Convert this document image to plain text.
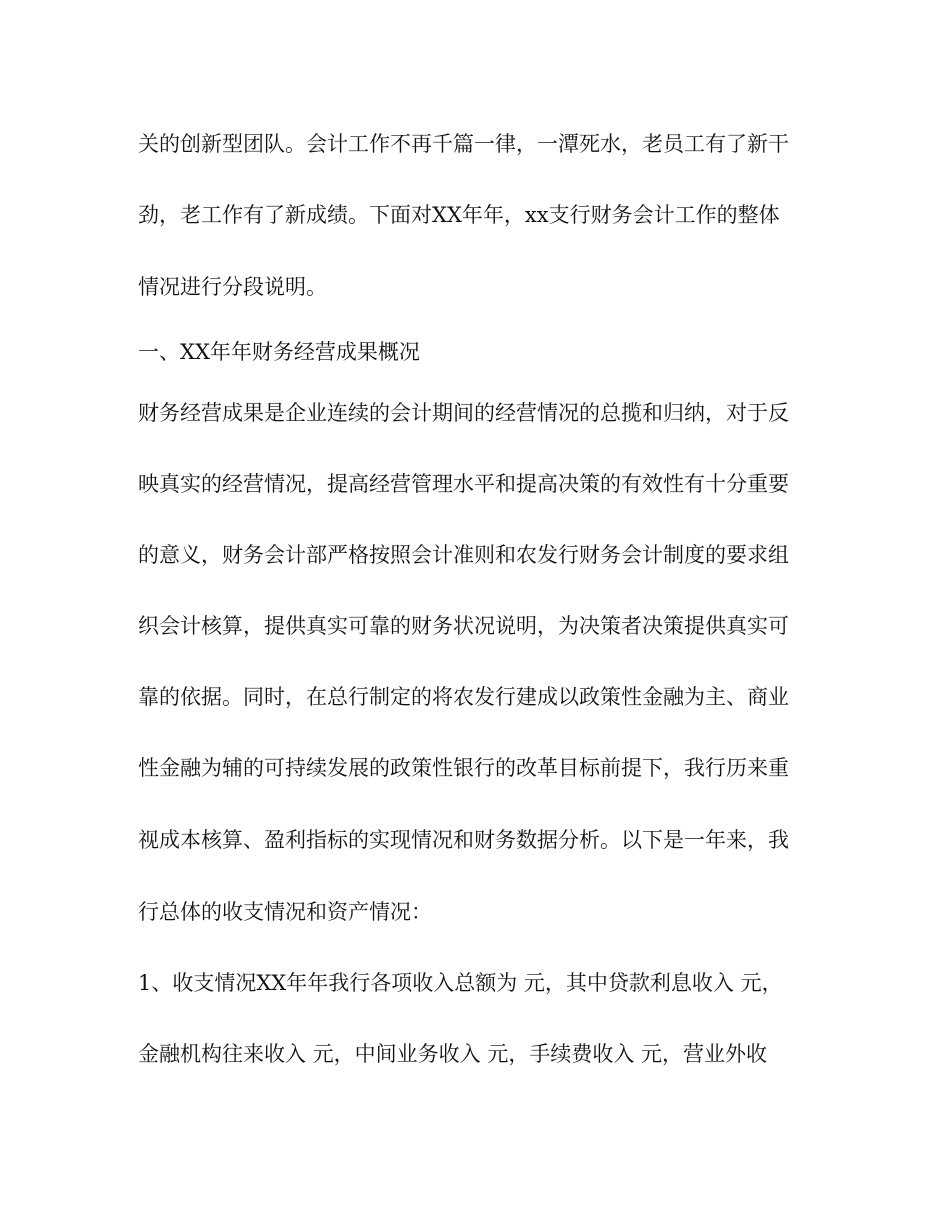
关的创新型团队。会计工作不再千篇一律，一潭死水，老员工有了新干
劲，老工作有了新成绩。下面对XX年年，xx支行财务会计工作的整体
情况进行分段说明。
一、XX年年财务经营成果概况
财务经营成果是企业连续的会计期间的经营情况的总揽和归纳，对于反
映真实的经营情况，提高经营管理水平和提高决策的有效性有十分重要
的意义，财务会计部严格按照会计准则和农发行财务会计制度的要求组
织会计核算，提供真实可靠的财务状况说明，为决策者决策提供真实可
靠的依据。同时，在总行制定的将农发行建成以政策性金融为主、商业
性金融为辅的可持续发展的政策性银行的改革目标前提下，我行历来重
视成本核算、盈利指标的实现情况和财务数据分析。以下是一年来，我
行总体的收支情况和资产情况：
1、收支情况XX年年我行各项收入总额为 元，其中贷款利息收入 元，
金融机构往来收入 元，中间业务收入 元，手续费收入 元，营业外收
